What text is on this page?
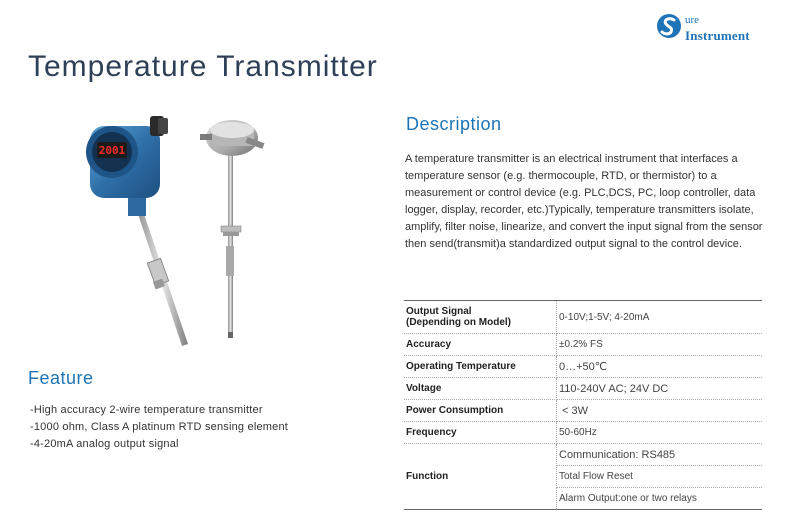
ure
Instrument
Temperature Transmitter
2001
Description

A temperature transmitter is an electrical instrument that interfaces a temperature sensor (e.g. thermocouple, RTD, or thermistor) to a measurement or control device (e.g. PLC,DCS, PC, loop controller, data logger, display, recorder, etc.)Typically, temperature transmitters isolate, amplify, filter noise, linearize, and convert the input signal from the sensor then send(transmit)a standardized output signal to the control device.

Output Signal
(Depending on Model)	0-10V;1-5V; 4-20mA
Accuracy	±0.2% FS
Operating Temperature	0…+50℃
Voltage	110-240V AC; 24V DC
Power Consumption	< 3W
Frequency	50-60Hz
Function	Communication: RS485
	Total Flow Reset
	Alarm Output:one or two relays
Feature
-High accuracy 2-wire temperature transmitter
-1000 ohm, Class A platinum RTD sensing element
-4-20mA analog output signal
